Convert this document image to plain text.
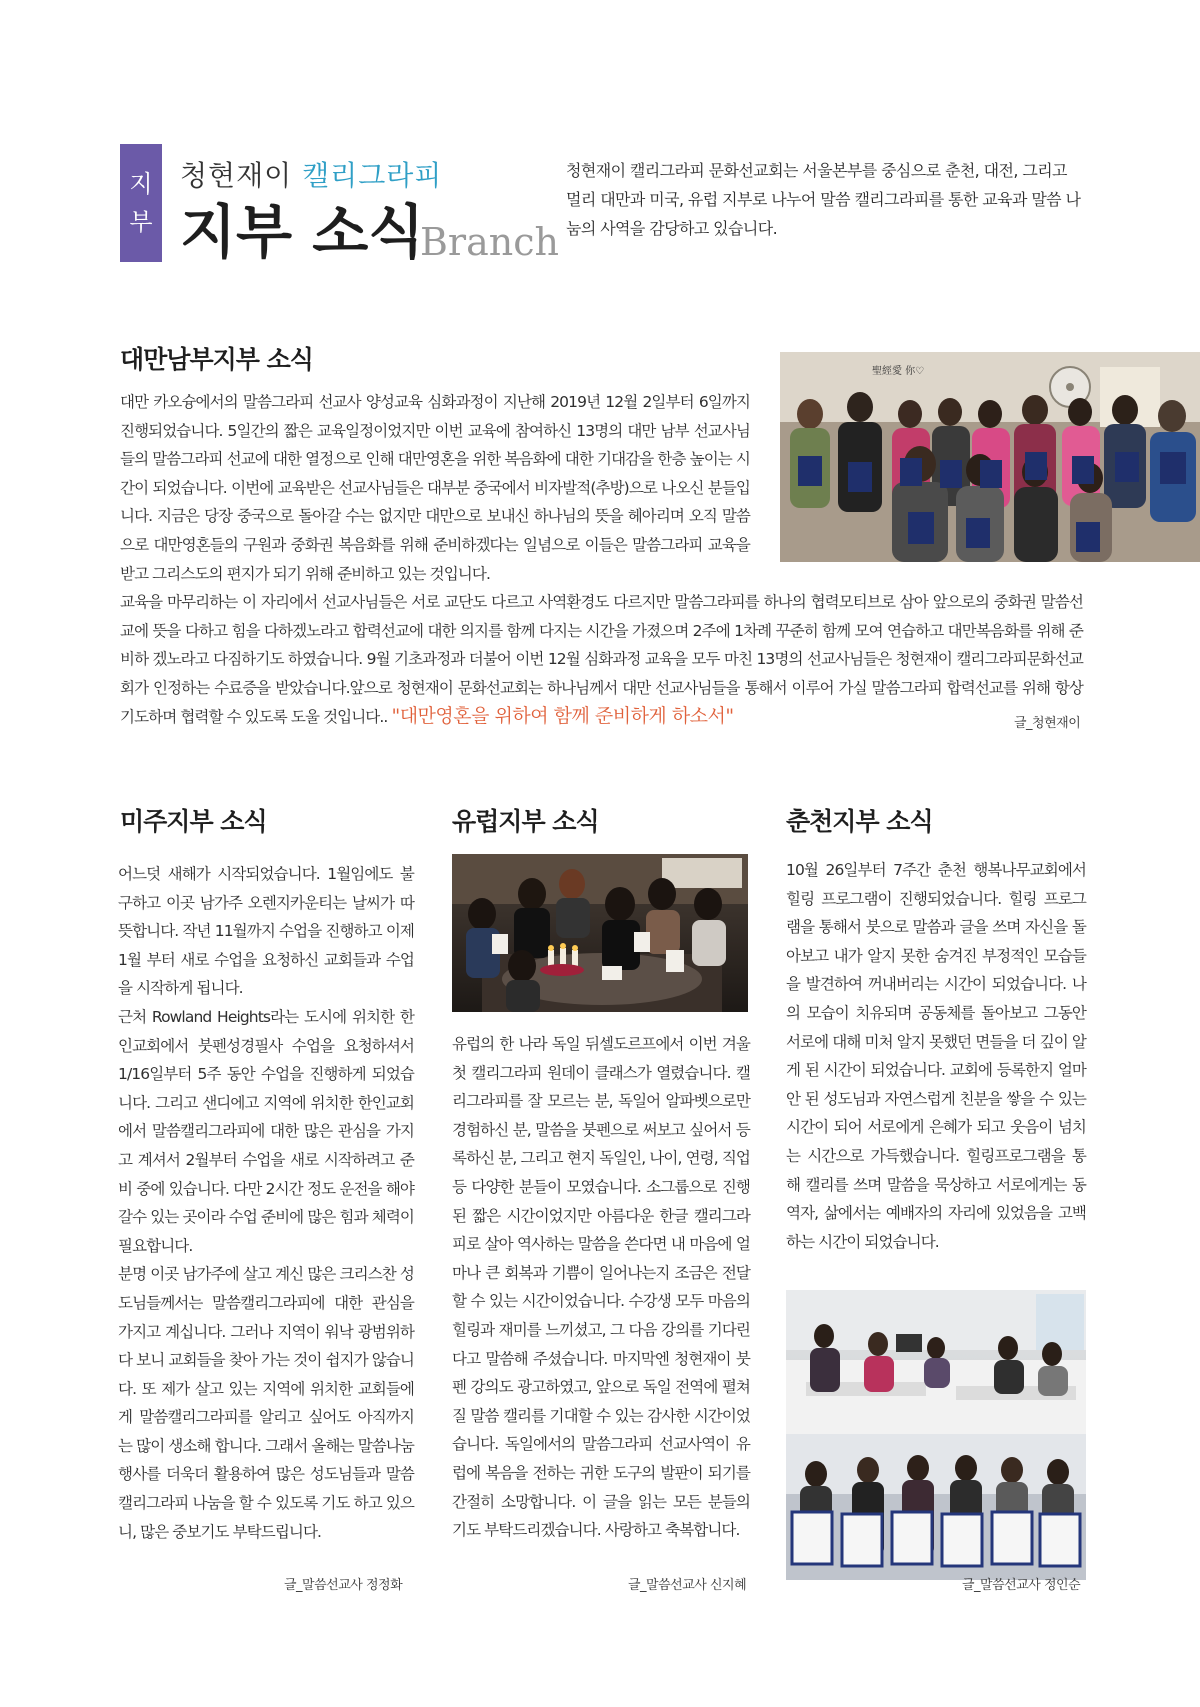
지
부
청현재이 캘리그라피
지부 소식
Branch
청현재이 캘리그라피 문화선교회는 서울본부를 중심으로 춘천, 대전, 그리고 멀리 대만과 미국, 유럽 지부로 나누어 말씀 캘리그라피를 통한 교육과 말씀 나눔의 사역을 감당하고 있습니다.
대만남부지부 소식	聖經愛 你♡
대만 카오슝에서의 말씀그라피 선교사 양성교육 심화과정이 지난해 2019년 12월 2일부터 6일까지 진행되었습니다. 5일간의 짧은 교육일정이었지만 이번 교육에 참여하신 13명의 대만 남부 선교사님들의 말씀그라피 선교에 대한 열정으로 인해 대만영혼을 위한 복음화에 대한 기대감을 한층 높이는 시간이 되었습니다. 이번에 교육받은 선교사님들은 대부분 중국에서 비자발적(추방)으로 나오신 분들입니다. 지금은 당장 중국으로 돌아갈 수는 없지만 대만으로 보내신 하나님의 뜻을 헤아리며 오직 말씀으로 대만영혼들의 구원과 중화권 복음화를 위해 준비하겠다는 일념으로 이들은 말씀그라피 교육을 받고 그리스도의 편지가 되기 위해 준비하고 있는 것입니다.
교육을 마무리하는 이 자리에서 선교사님들은 서로 교단도 다르고 사역환경도 다르지만 말씀그라피를 하나의 협력모티브로 삼아 앞으로의 중화권 말씀선교에 뜻을 다하고 힘을 다하겠노라고 합력선교에 대한 의지를 함께 다지는 시간을 가졌으며 2주에 1차례 꾸준히 함께 모여 연습하고 대만복음화를 위해 준비하 겠노라고 다짐하기도 하였습니다. 9월 기초과정과 더불어 이번 12월 심화과정 교육을 모두 마친 13명의 선교사님들은 청현재이 캘리그라피문화선교회가 인정하는 수료증을 받았습니다.앞으로 청현재이 문화선교회는 하나님께서 대만 선교사님들을 통해서 이루어 가실 말씀그라피 합력선교를 위해 항상 기도하며 협력할 수 있도록 도울 것입니다.. "대만영혼을 위하여 함께 준비하게 하소서"	글_청현재이
미주지부 소식

어느덧 새해가 시작되었습니다. 1월임에도 불구하고 이곳 남가주 오렌지카운티는 날씨가 따뜻합니다. 작년 11월까지 수업을 진행하고 이제 1월 부터 새로 수업을 요청하신 교회들과 수업을 시작하게 됩니다.

근처 Rowland Heights라는 도시에 위치한 한인교회에서 붓펜성경필사 수업을 요청하셔서 1/16일부터 5주 동안 수업을 진행하게 되었습니다. 그리고 샌디에고 지역에 위치한 한인교회에서 말씀캘리그라피에 대한 많은 관심을 가지고 계셔서 2월부터 수업을 새로 시작하려고 준비 중에 있습니다. 다만 2시간 정도 운전을 해야 갈수 있는 곳이라 수업 준비에 많은 힘과 체력이 필요합니다.

분명 이곳 남가주에 살고 계신 많은 크리스찬 성도님들께서는 말씀캘리그라피에 대한 관심을 가지고 계십니다. 그러나 지역이 워낙 광범위하다 보니 교회들을 찾아 가는 것이 쉽지가 않습니다. 또 제가 살고 있는 지역에 위치한 교회들에게 말씀캘리그라피를 알리고 싶어도 아직까지는 많이 생소해 합니다. 그래서 올해는 말씀나눔 행사를 더욱더 활용하여 많은 성도님들과 말씀캘리그라피 나눔을 할 수 있도록 기도 하고 있으니, 많은 중보기도 부탁드립니다.

글_말씀선교사 정정화
유럽지부 소식
유럽의 한 나라 독일 뒤셀도르프에서 이번 겨울 첫 캘리그라피 원데이 클래스가 열렸습니다. 캘리그라피를 잘 모르는 분, 독일어 알파벳으로만 경험하신 분, 말씀을 붓펜으로 써보고 싶어서 등록하신 분, 그리고 현지 독일인, 나이, 연령, 직업 등 다양한 분들이 모였습니다. 소그룹으로 진행된 짧은 시간이었지만 아름다운 한글 캘리그라피로 살아 역사하는 말씀을 쓴다면 내 마음에 얼마나 큰 회복과 기쁨이 일어나는지 조금은 전달할 수 있는 시간이었습니다. 수강생 모두 마음의 힐링과 재미를 느끼셨고, 그 다음 강의를 기다린다고 말씀해 주셨습니다. 마지막엔 청현재이 붓펜 강의도 광고하였고, 앞으로 독일 전역에 펼쳐질 말씀 캘리를 기대할 수 있는 감사한 시간이었습니다. 독일에서의 말씀그라피 선교사역이 유럽에 복음을 전하는 귀한 도구의 발판이 되기를 간절히 소망합니다. 이 글을 읽는 모든 분들의 기도 부탁드리겠습니다. 사랑하고 축복합니다.
글_말씀선교사 신지혜
춘천지부 소식
10월 26일부터 7주간 춘천 행복나무교회에서 힐링 프로그램이 진행되었습니다. 힐링 프로그램을 통해서 붓으로 말씀과 글을 쓰며 자신을 돌아보고 내가 알지 못한 숨겨진 부정적인 모습들을 발견하여 꺼내버리는 시간이 되었습니다. 나의 모습이 치유되며 공동체를 돌아보고 그동안 서로에 대해 미처 알지 못했던 면들을 더 깊이 알게 된 시간이 되었습니다. 교회에 등록한지 얼마 안 된 성도님과 자연스럽게 친분을 쌓을 수 있는 시간이 되어 서로에게 은혜가 되고 웃음이 넘치는 시간으로 가득했습니다. 힐링프로그램을 통해 캘리를 쓰며 말씀을 묵상하고 서로에게는 동역자, 삶에서는 예배자의 자리에 있었음을 고백하는 시간이 되었습니다.
글_말씀선교사 정인순
